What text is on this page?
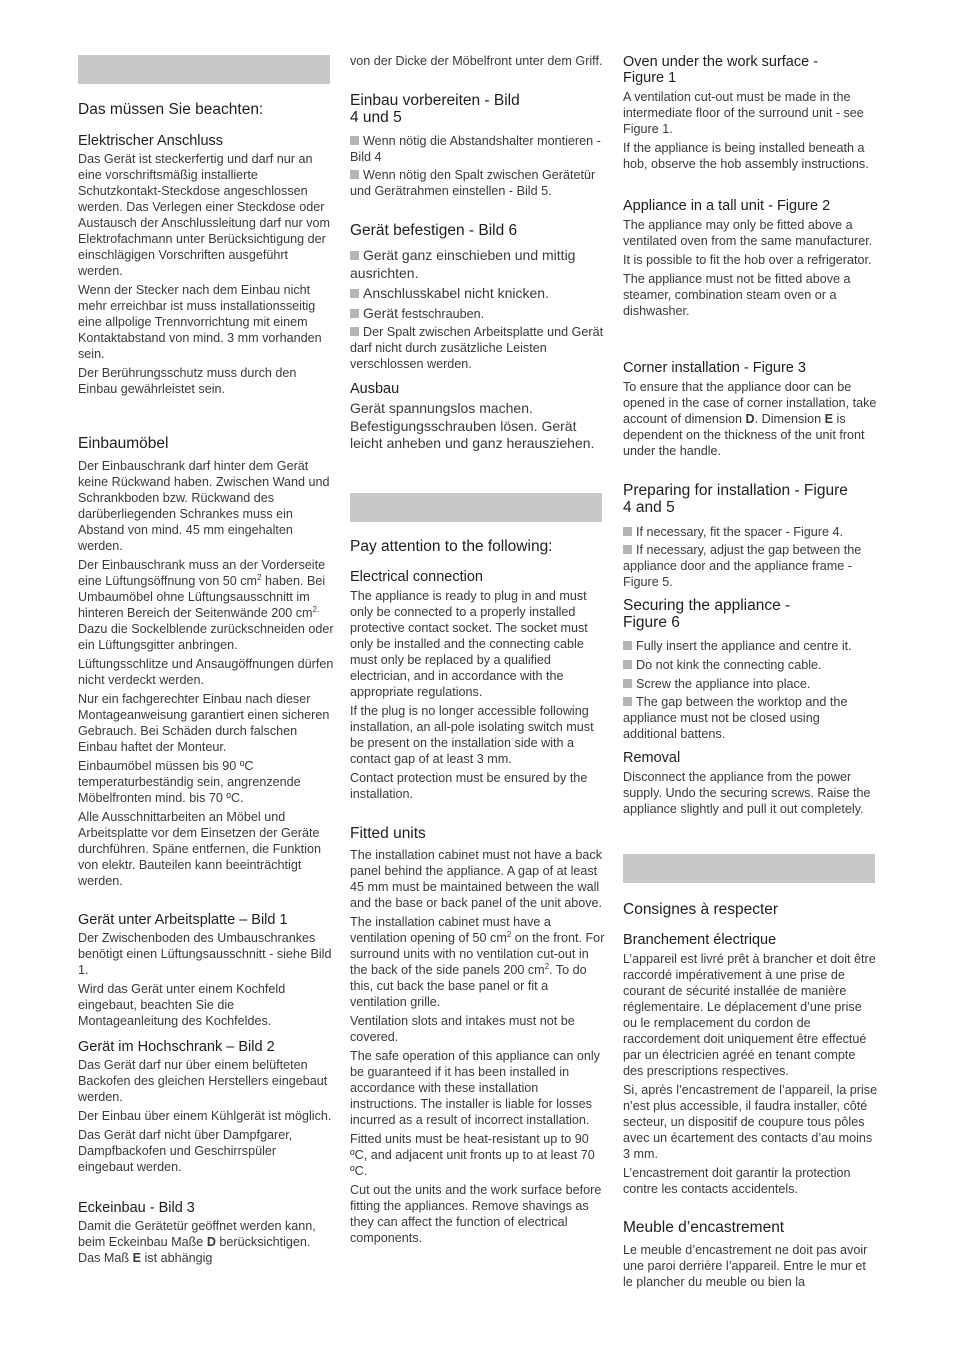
Das müssen Sie beachten:
Elektrischer Anschluss
Das Gerät ist steckerfertig und darf nur an eine vorschriftsmäßig installierte Schutzkontakt-Steckdose angeschlossen werden. Das Verlegen einer Steckdose oder Austausch der Anschlussleitung darf nur vom Elektrofachmann unter Berücksichtigung der einschlägigen Vorschriften ausgeführt werden.
Wenn der Stecker nach dem Einbau nicht mehr erreichbar ist muss installationsseitig eine allpolige Trennvorrichtung mit einem Kontaktabstand von mind. 3 mm vorhanden sein.
Der Berührungsschutz muss durch den Einbau gewährleistet sein.
Einbaumöbel
Der Einbauschrank darf hinter dem Gerät keine Rückwand haben. Zwischen Wand und Schrankboden bzw. Rückwand des darüberliegenden Schrankes muss ein Abstand von mind. 45 mm eingehalten werden.
Der Einbauschrank muss an der Vorderseite eine Lüftungsöffnung von 50 $cm^2$ haben. Bei Umbaumöbel ohne Lüftungsausschnitt im hinteren Bereich der Seitenwände 200 $cm^{2.}$ Dazu die Sockelblende zurückschneiden oder ein Lüftungsgitter anbringen.
Lüftungsschlitze und Ansaugöffnungen dürfen nicht verdeckt werden.
Nur ein fachgerechter Einbau nach dieser Montageanweisung garantiert einen sicheren Gebrauch. Bei Schäden durch falschen Einbau haftet der Monteur.
Einbaumöbel müssen bis 90 ºC temperaturbeständig sein, angrenzende Möbelfronten mind. bis 70 ºC.
Alle Ausschnittarbeiten an Möbel und Arbeitsplatte vor dem Einsetzen der Geräte durchführen. Späne entfernen, die Funktion von elektr. Bauteilen kann beeinträchtigt werden.
Gerät unter Arbeitsplatte – Bild 1
Der Zwischenboden des Umbauschrankes benötigt einen Lüftungsausschnitt - siehe Bild 1.
Wird das Gerät unter einem Kochfeld eingebaut, beachten Sie die Montageanleitung des Kochfeldes.
Gerät im Hochschrank – Bild 2
Das Gerät darf nur über einem belüfteten Backofen des gleichen Herstellers eingebaut werden.
Der Einbau über einem Kühlgerät ist möglich.
Das Gerät darf nicht über Dampfgarer, Dampfbackofen und Geschirrspüler eingebaut werden.
Eckeinbau - Bild 3
Damit die Gerätetür geöffnet werden kann, beim Eckeinbau Maße D berücksichtigen. Das Maß E ist abhängig
von der Dicke der Möbelfront unter dem Griff.
Einbau vorbereiten - Bild 4 und 5
Wenn nötig die Abstandshalter montieren - Bild 4
Wenn nötig den Spalt zwischen Gerätetür und Gerätrahmen einstellen - Bild 5.
Gerät befestigen - Bild 6
Gerät ganz einschieben und mittig ausrichten.
Anschlusskabel nicht knicken.
Gerät festschrauben.
Der Spalt zwischen Arbeitsplatte und Gerät darf nicht durch zusätzliche Leisten verschlossen werden.
Ausbau
Gerät spannungslos machen. Befestigungsschrauben lösen. Gerät leicht anheben und ganz herausziehen.
Pay attention to the following:
Electrical connection
The appliance is ready to plug in and must only be connected to a properly installed protective contact socket. The socket must only be installed and the connecting cable must only be replaced by a qualified electrician, and in accordance with the appropriate regulations.
If the plug is no longer accessible following installation, an all-pole isolating switch must be present on the installation side with a contact gap of at least 3 mm.
Contact protection must be ensured by the installation.
Fitted units
The installation cabinet must not have a back panel behind the appliance. A gap of at least 45 mm must be maintained between the wall and the base or back panel of the unit above.
The installation cabinet must have a ventilation opening of 50 $cm^2$ on the front. For surround units with no ventilation cut-out in the back of the side panels 200 $cm^2$. To do this, cut back the base panel or fit a ventilation grille.
Ventilation slots and intakes must not be covered.
The safe operation of this appliance can only be guaranteed if it has been installed in accordance with these installation instructions. The installer is liable for losses incurred as a result of incorrect installation.
Fitted units must be heat-resistant up to 90 ºC, and adjacent unit fronts up to at least 70 ºC.
Cut out the units and the work surface before fitting the appliances. Remove shavings as they can affect the function of electrical components.
Oven under the work surface - Figure 1
A ventilation cut-out must be made in the intermediate floor of the surround unit - see Figure 1.
If the appliance is being installed beneath a hob, observe the hob assembly instructions.
Appliance in a tall unit - Figure 2
The appliance may only be fitted above a ventilated oven from the same manufacturer.
It is possible to fit the hob over a refrigerator.
The appliance must not be fitted above a steamer, combination steam oven or a dishwasher.
Corner installation - Figure 3
To ensure that the appliance door can be opened in the case of corner installation, take account of dimension D. Dimension E is dependent on the thickness of the unit front under the handle.
Preparing for installation - Figure 4 and 5
If necessary, fit the spacer - Figure 4.
If necessary, adjust the gap between the appliance door and the appliance frame - Figure 5.
Securing the appliance - Figure 6
Fully insert the appliance and centre it.
Do not kink the connecting cable.
Screw the appliance into place.
The gap between the worktop and the appliance must not be closed using additional battens.
Removal
Disconnect the appliance from the power supply. Undo the securing screws. Raise the appliance slightly and pull it out completely.
Consignes à respecter
Branchement électrique
L’appareil est livré prêt à brancher et doit être raccordé impérativement à une prise de courant de sécurité installée de manière réglementaire. Le déplacement d’une prise ou le remplacement du cordon de raccordement doit uniquement être effectué par un électricien agréé en tenant compte des prescriptions respectives.
Si, après l’encastrement de l’appareil, la prise n’est plus accessible, il faudra installer, côté secteur, un dispositif de coupure tous pôles avec un écartement des contacts d’au moins 3 mm.
L’encastrement doit garantir la protection contre les contacts accidentels.
Meuble d’encastrement
Le meuble d’encastrement ne doit pas avoir une paroi derrière l’appareil. Entre le mur et le plancher du meuble ou bien la
